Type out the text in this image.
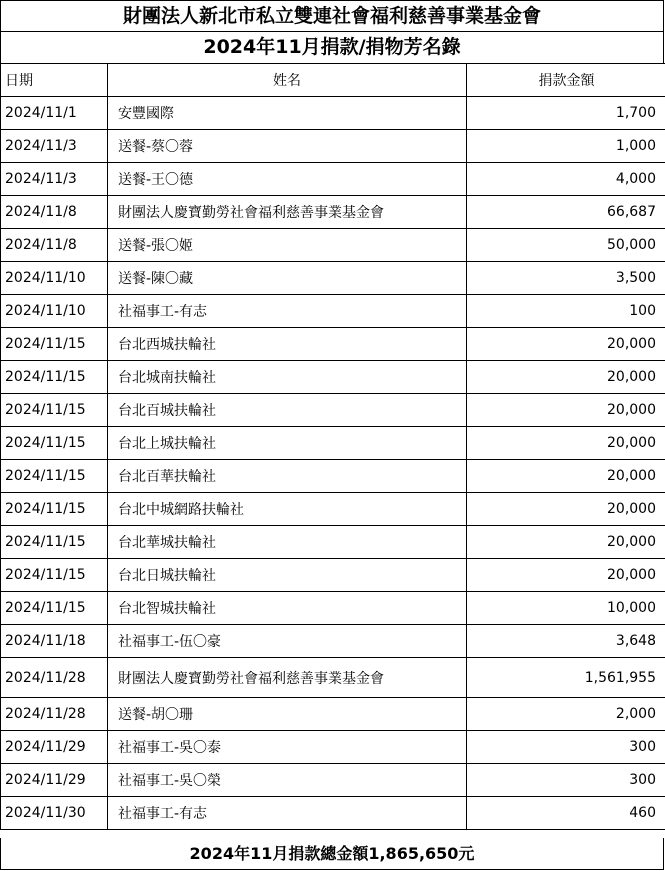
財團法人新北市私立雙連社會福利慈善事業基金會
2024年11月捐款/捐物芳名錄
日期	姓名	捐款金額
2024/11/1	安豐國際	1,700
2024/11/3	送餐-蔡〇蓉	1,000
2024/11/3	送餐-王〇德	4,000
2024/11/8	財團法人慶寶勤勞社會福利慈善事業基金會	66,687
2024/11/8	送餐-張〇姬	50,000
2024/11/10	送餐-陳〇藏	3,500
2024/11/10	社福事工-有志	100
2024/11/15	台北西城扶輪社	20,000
2024/11/15	台北城南扶輪社	20,000
2024/11/15	台北百城扶輪社	20,000
2024/11/15	台北上城扶輪社	20,000
2024/11/15	台北百華扶輪社	20,000
2024/11/15	台北中城網路扶輪社	20,000
2024/11/15	台北華城扶輪社	20,000
2024/11/15	台北日城扶輪社	20,000
2024/11/15	台北智城扶輪社	10,000
2024/11/18	社福事工-伍〇豪	3,648
2024/11/28	財團法人慶寶勤勞社會福利慈善事業基金會	1,561,955
2024/11/28	送餐-胡〇珊	2,000
2024/11/29	社福事工-吳〇泰	300
2024/11/29	社福事工-吳〇榮	300
2024/11/30	社福事工-有志	460
2024年11月捐款總金額1,865,650元
